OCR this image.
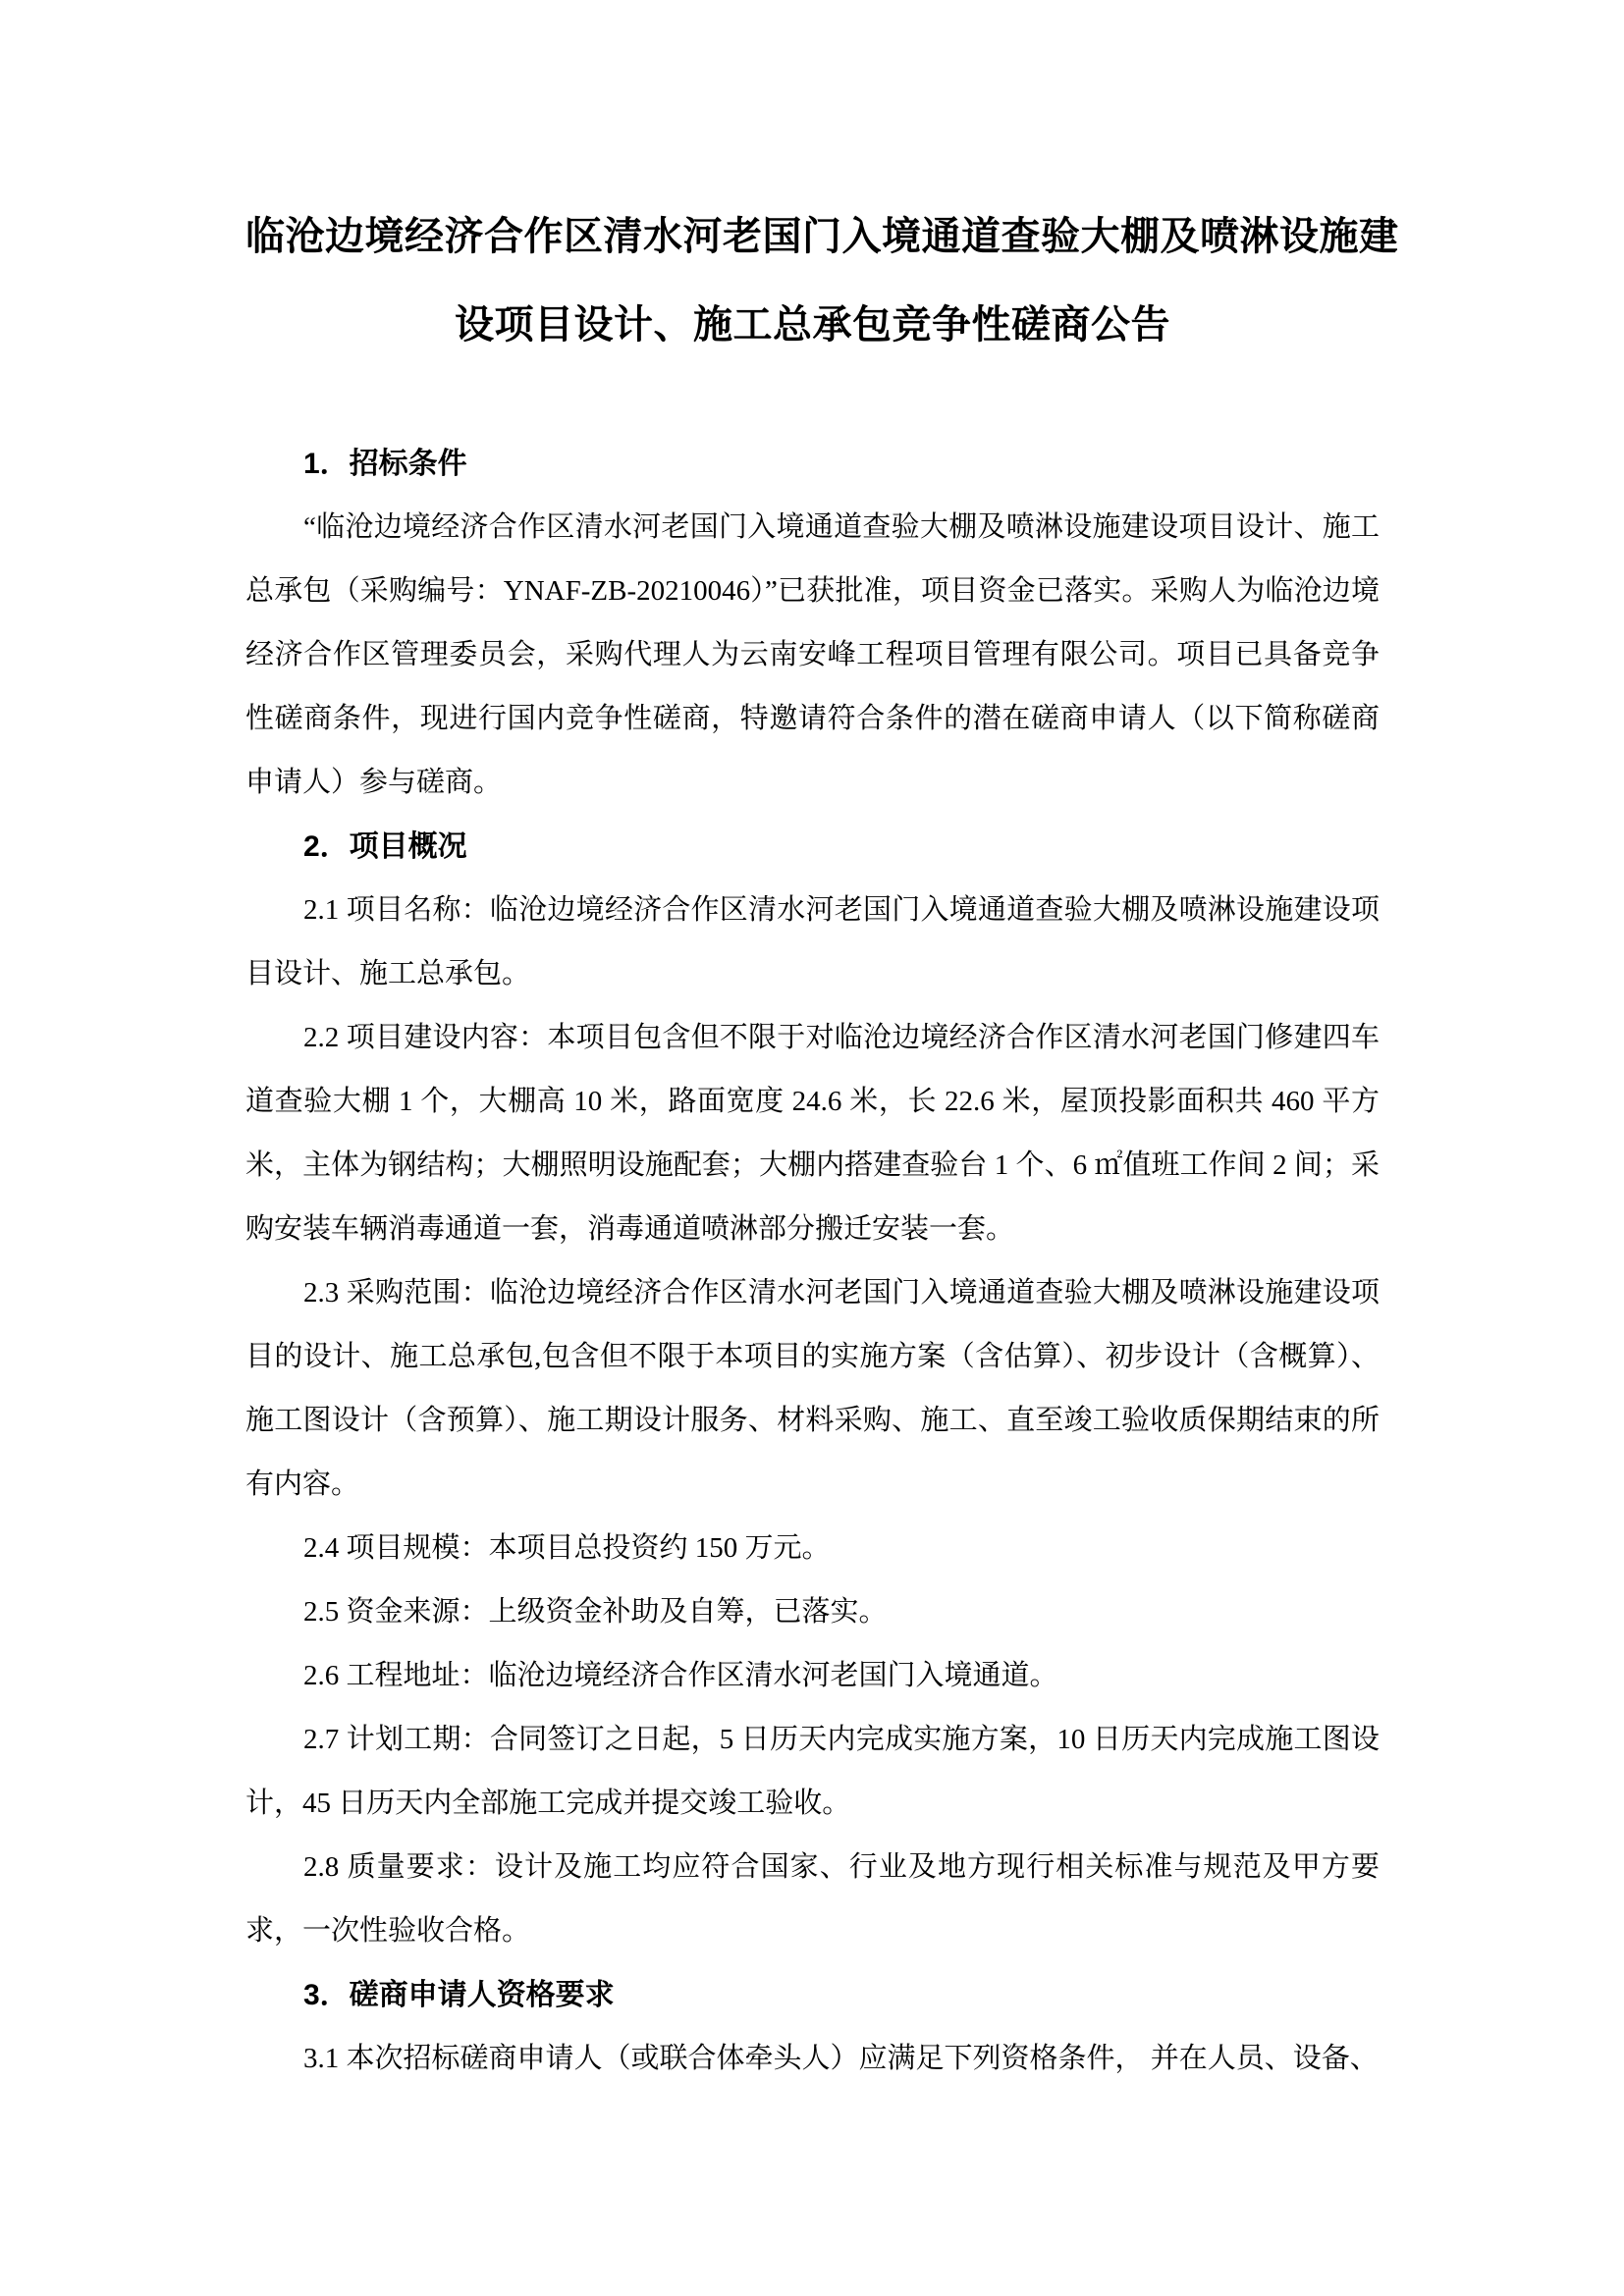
临沧边境经济合作区清水河老国门入境通道查验大棚及喷淋设施建
设项目设计、施工总承包竞争性磋商公告
1．招标条件

“临沧边境经济合作区清水河老国门入境通道查验大棚及喷淋设施建设项目设计、施工总承包（采购编号：YNAF-ZB-20210046）”已获批准，项目资金已落实。采购人为临沧边境经济合作区管理委员会，采购代理人为云南安峰工程项目管理有限公司。项目已具备竞争性磋商条件，现进行国内竞争性磋商，特邀请符合条件的潜在磋商申请人（以下简称磋商申请人）参与磋商。

2．项目概况

2.1 项目名称：临沧边境经济合作区清水河老国门入境通道查验大棚及喷淋设施建设项目设计、施工总承包。

2.2 项目建设内容：本项目包含但不限于对临沧边境经济合作区清水河老国门修建四车道查验大棚 1 个，大棚高 10 米，路面宽度 24.6 米，长 22.6 米，屋顶投影面积共 460 平方米，主体为钢结构；大棚照明设施配套；大棚内搭建查验台 1 个、6 ㎡值班工作间 2 间；采购安装车辆消毒通道一套，消毒通道喷淋部分搬迁安装一套。

2.3 采购范围：临沧边境经济合作区清水河老国门入境通道查验大棚及喷淋设施建设项目的设计、施工总承包,包含但不限于本项目的实施方案（含估算）、初步设计（含概算）、施工图设计（含预算）、施工期设计服务、材料采购、施工、直至竣工验收质保期结束的所有内容。

2.4 项目规模：本项目总投资约 150 万元。

2.5 资金来源：上级资金补助及自筹，已落实。

2.6 工程地址：临沧边境经济合作区清水河老国门入境通道。

2.7 计划工期：合同签订之日起，5 日历天内完成实施方案，10 日历天内完成施工图设计，45 日历天内全部施工完成并提交竣工验收。

2.8 质量要求：设计及施工均应符合国家、行业及地方现行相关标准与规范及甲方要求，一次性验收合格。

3．磋商申请人资格要求

3.1 本次招标磋商申请人（或联合体牵头人）应满足下列资格条件， 并在人员、设备、
